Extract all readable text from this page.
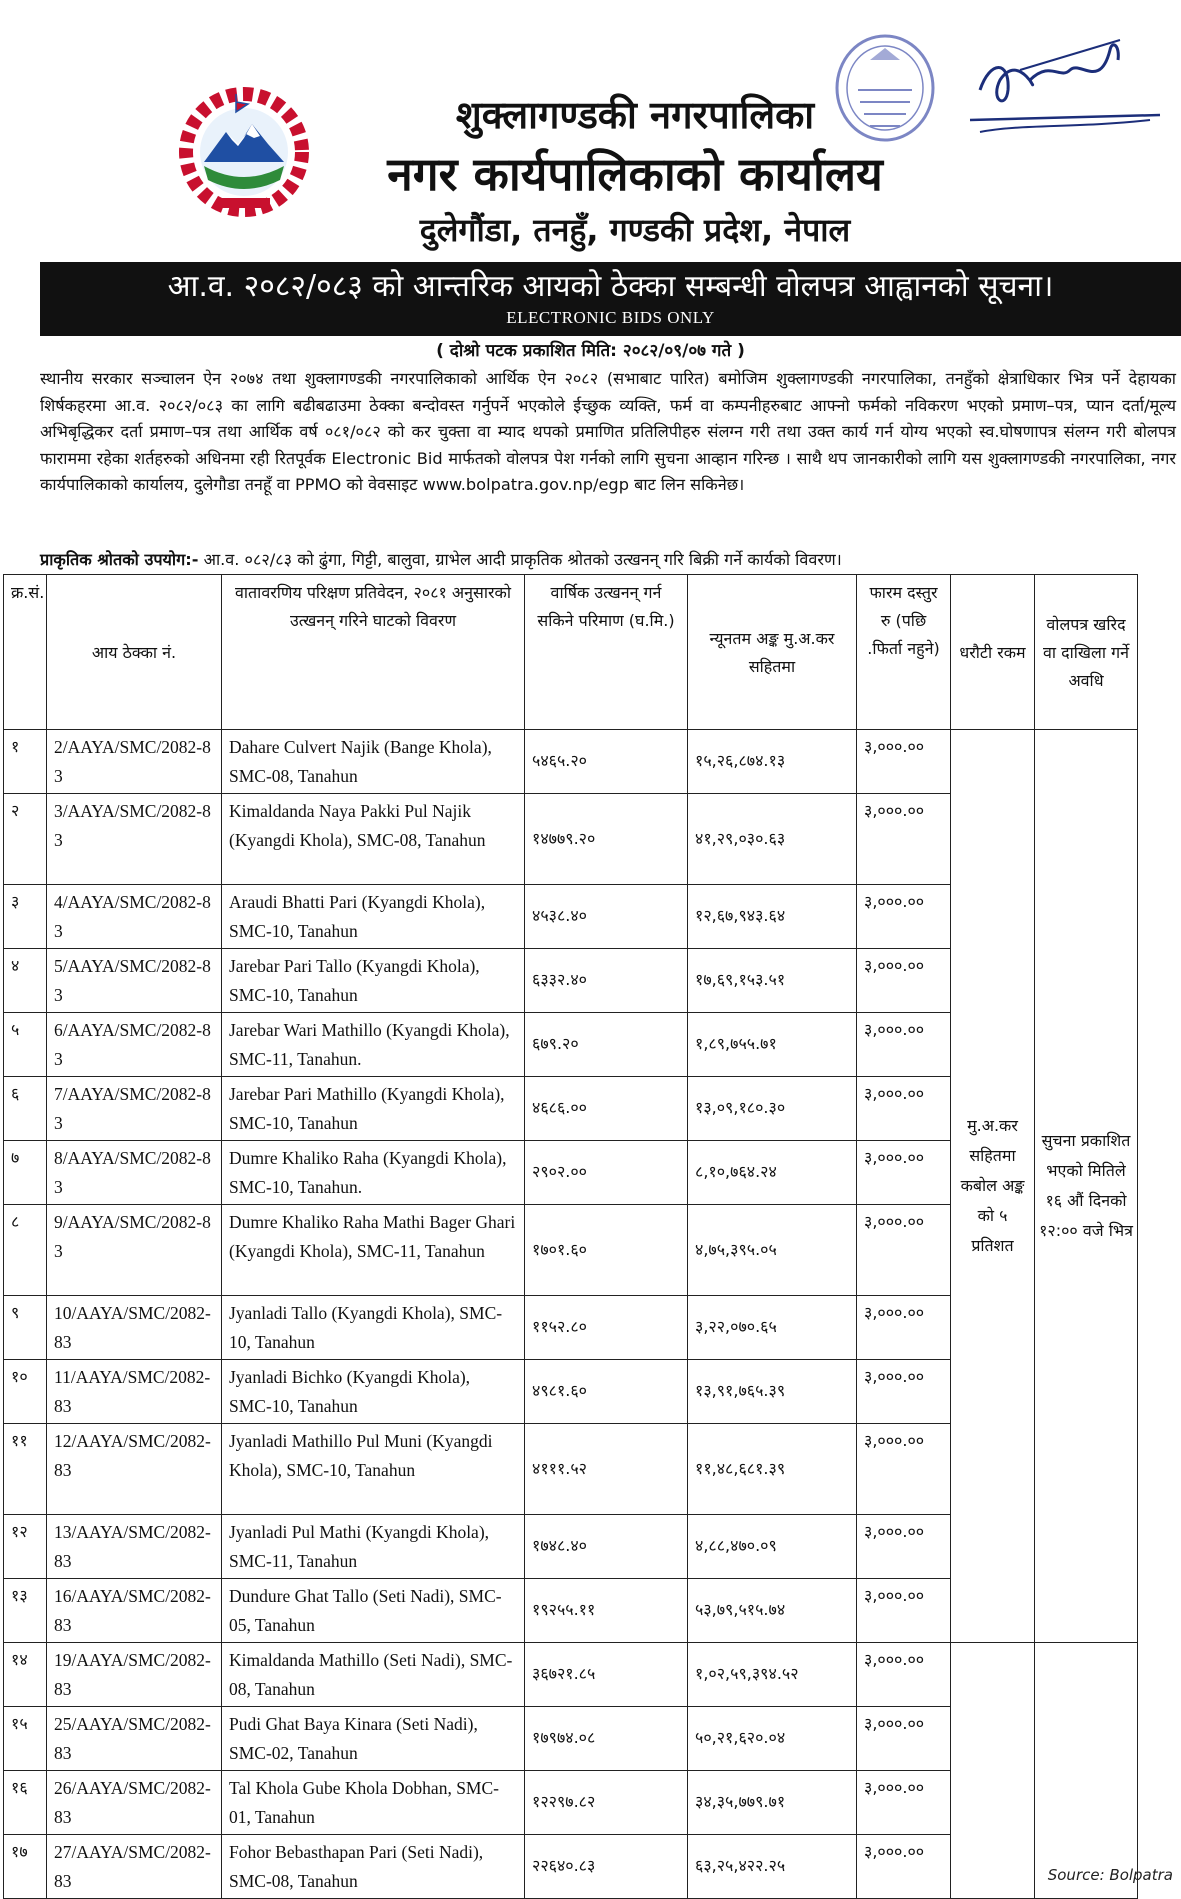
शुक्लागण्डकी नगरपालिका
नगर कार्यपालिकाको कार्यालय
दुलेगौंडा, तनहुँ, गण्डकी प्रदेश, नेपाल
आ.व. २०८२/०८३ को आन्तरिक आयको ठेक्का सम्बन्धी वोलपत्र आह्वानको सूचना।
ELECTRONIC BIDS ONLY
( दोश्रो पटक प्रकाशित मिति: २०८२/०९/०७ गते )
स्थानीय सरकार सञ्चालन ऐन २०७४ तथा शुक्लागण्डकी नगरपालिकाको आर्थिक ऐन २०८२ (सभाबाट पारित) बमोजिम शुक्लागण्डकी नगरपालिका, तनहुँको क्षेत्राधिकार भित्र पर्ने देहायका शिर्षकहरमा आ.व. २०८२/०८३ का लागि बढीबढाउमा ठेक्का बन्दोवस्त गर्नुपर्ने भएकोले ईच्छुक व्यक्ति, फर्म वा कम्पनीहरुबाट आफ्नो फर्मको नविकरण भएको प्रमाण–पत्र, प्यान दर्ता/मूल्य अभिबृद्धिकर दर्ता प्रमाण–पत्र तथा आर्थिक वर्ष ०८१/०८२ को कर चुक्ता वा म्याद थपको प्रमाणित प्रतिलिपीहरु संलग्न गरी तथा उक्त कार्य गर्न योग्य भएको स्व.घोषणापत्र संलग्न गरी बोलपत्र फाराममा रहेका शर्तहरुको अधिनमा रही रितपूर्वक Electronic Bid मार्फतको वोलपत्र पेश गर्नको लागि सुचना आव्हान गरिन्छ । साथै थप जानकारीको लागि यस शुक्लागण्डकी नगरपालिका, नगर कार्यपालिकाको कार्यालय, दुलेगौडा तनहूँ वा PPMO को वेवसाइट www.bolpatra.gov.np/egp बाट लिन सकिनेछ।
प्राकृतिक श्रोतको उपयोग:- आ.व. ०८२/८३ को ढुंगा, गिट्टी, बालुवा, ग्राभेल आदी प्राकृतिक श्रोतको उत्खनन् गरि बिक्री गर्ने कार्यको विवरण।
क्र.सं.	आय ठेक्का नं.	वातावरणिय परिक्षण प्रतिवेदन, २०८१ अनुसारको उत्खनन् गरिने घाटको विवरण	वार्षिक उत्खनन् गर्न सकिने परिमाण (घ.मि.)	न्यूनतम अङ्क मु.अ.कर सहितमा	फारम दस्तुर रु (पछि .फिर्ता नहुने)	धरौटी रकम	वोलपत्र खरिद वा दाखिला गर्ने अवधि
१	2/AAYA/SMC/2082-83	Dahare Culvert Najik (Bange Khola), SMC-08, Tanahun	५४६५.२०	१५,२६,८७४.१३	३,०००.००	मु.अ.कर सहितमा कबोल अङ्क को ५ प्रतिशत	सुचना प्रकाशित भएको मितिले १६ औं दिनको १२:०० वजे भित्र
२	3/AAYA/SMC/2082-83	Kimaldanda Naya Pakki Pul Najik (Kyangdi Khola), SMC-08, Tanahun	१४७७९.२०	४१,२९,०३०.६३	३,०००.००		
३	4/AAYA/SMC/2082-83	Araudi Bhatti Pari (Kyangdi Khola), SMC-10, Tanahun	४५३८.४०	१२,६७,९४३.६४	३,०००.००		
४	5/AAYA/SMC/2082-83	Jarebar Pari Tallo (Kyangdi Khola), SMC-10, Tanahun	६३३२.४०	१७,६९,१५३.५१	३,०००.००		
५	6/AAYA/SMC/2082-83	Jarebar Wari Mathillo (Kyangdi Khola), SMC-11, Tanahun.	६७९.२०	१,८९,७५५.७१	३,०००.००		
६	7/AAYA/SMC/2082-83	Jarebar Pari Mathillo (Kyangdi Khola), SMC-10, Tanahun	४६८६.००	१३,०९,१८०.३०	३,०००.००		
७	8/AAYA/SMC/2082-83	Dumre Khaliko Raha (Kyangdi Khola), SMC-10, Tanahun.	२९०२.००	८,१०,७६४.२४	३,०००.००		
८	9/AAYA/SMC/2082-83	Dumre Khaliko Raha Mathi Bager Ghari (Kyangdi Khola), SMC-11, Tanahun	१७०१.६०	४,७५,३९५.०५	३,०००.००		
९	10/AAYA/SMC/2082-83	Jyanladi Tallo (Kyangdi Khola), SMC-10, Tanahun	११५२.८०	३,२२,०७०.६५	३,०००.००		
१०	11/AAYA/SMC/2082-83	Jyanladi Bichko (Kyangdi Khola), SMC-10, Tanahun	४९८१.६०	१३,९१,७६५.३९	३,०००.००		
११	12/AAYA/SMC/2082-83	Jyanladi Mathillo Pul Muni (Kyangdi Khola), SMC-10, Tanahun	४१११.५२	११,४८,६८१.३९	३,०००.००		
१२	13/AAYA/SMC/2082-83	Jyanladi Pul Mathi (Kyangdi Khola), SMC-11, Tanahun	१७४८.४०	४,८८,४७०.०९	३,०००.००		
१३	16/AAYA/SMC/2082-83	Dundure Ghat Tallo (Seti Nadi), SMC-05, Tanahun	१९२५५.११	५३,७९,५१५.७४	३,०००.००		
१४	19/AAYA/SMC/2082-83	Kimaldanda Mathillo (Seti Nadi), SMC-08, Tanahun	३६७२१.८५	१,०२,५९,३९४.५२	३,०००.००		
१५	25/AAYA/SMC/2082-83	Pudi Ghat Baya Kinara (Seti Nadi), SMC-02, Tanahun	१७९७४.०८	५०,२१,६२०.०४	३,०००.००		
१६	26/AAYA/SMC/2082-83	Tal Khola Gube Khola Dobhan, SMC-01, Tanahun	१२२९७.८२	३४,३५,७७९.७१	३,०००.००		
१७	27/AAYA/SMC/2082-83	Fohor Bebasthapan Pari (Seti Nadi), SMC-08, Tanahun	२२६४०.८३	६३,२५,४२२.२५	३,०००.००		
Source: Bolpatra
